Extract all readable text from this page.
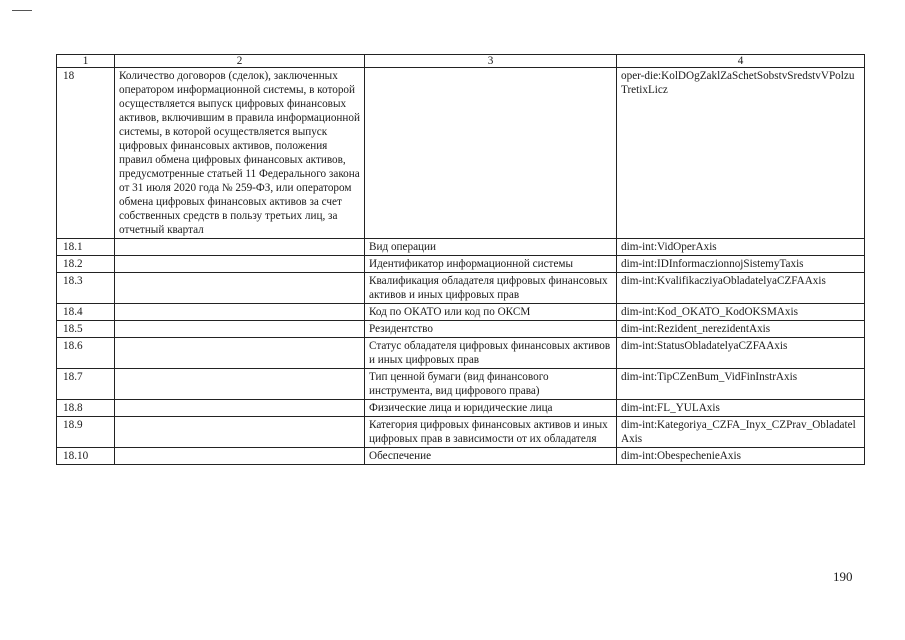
1	2	3	4
18	Количество договоров (сделок), заключенных оператором информационной системы, в которой осуществляется выпуск цифровых финансовых активов, включившим в правила информационной системы, в которой осуществляется выпуск цифровых финансовых активов, положения правил обмена цифровых финансовых активов, предусмотренные статьей 11 Федерального закона от 31 июля 2020 года № 259-ФЗ, или оператором обмена цифровых финансовых активов за счет собственных средств в пользу третьих лиц, за отчетный квартал		oper-die:KolDOgZaklZaSchetSobstvSredstvVPolzuTretixLicz
18.1		Вид операции	dim-int:VidOperAxis
18.2		Идентификатор информационной системы	dim-int:IDInformaczionnojSistemyTaxis
18.3		Квалификация обладателя цифровых финансовых активов и иных цифровых прав	dim-int:KvalifikacziyaObladatelyaCZFAAxis
18.4		Код по ОКАТО или код по ОКСМ	dim-int:Kod_OKATO_KodOKSMAxis
18.5		Резидентство	dim-int:Rezident_nerezidentAxis
18.6		Статус обладателя цифровых финансовых активов и иных цифровых прав	dim-int:StatusObladatelyaCZFAAxis
18.7		Тип ценной бумаги (вид финансового инструмента, вид цифрового права)	dim-int:TipCZenBum_VidFinInstrAxis
18.8		Физические лица и юридические лица	dim-int:FL_YULAxis
18.9		Категория цифровых финансовых активов и иных цифровых прав в зависимости от их обладателя	dim-int:Kategoriya_CZFA_Inyx_CZPrav_ObladatelAxis
18.10		Обеспечение	dim-int:ObespechenieAxis
190
